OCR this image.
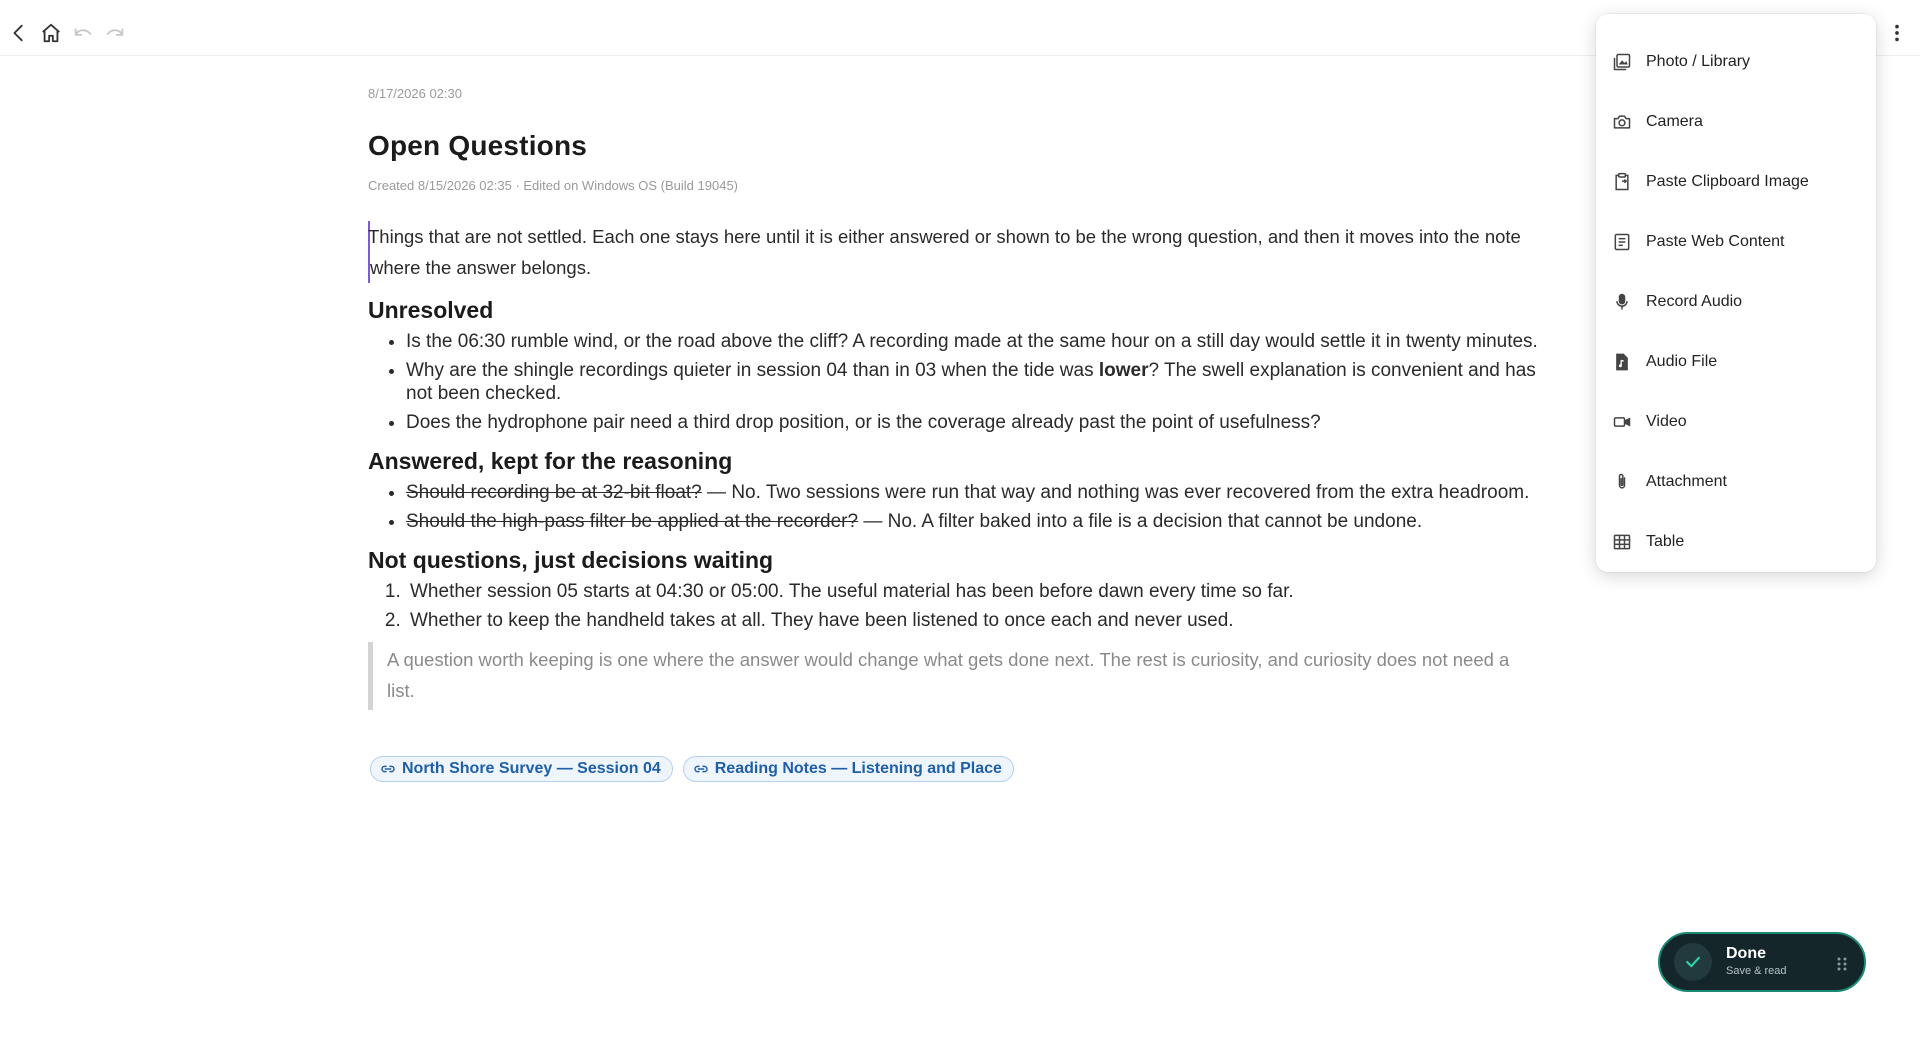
8/17/2026 02:30
Open Questions
Created 8/15/2026 02:35 · Edited on Windows OS (Build 19045)

Things that are not settled. Each one stays here until it is either answered or shown to be the wrong question, and then it moves into the note where the answer belongs.

Unresolved
• Is the 06:30 rumble wind, or the road above the cliff? A recording made at the same hour on a still day would settle it in twenty minutes.
• Why are the shingle recordings quieter in session 04 than in 03 when the tide was lower? The swell explanation is convenient and has not been checked.
• Does the hydrophone pair need a third drop position, or is the coverage already past the point of usefulness?
Answered, kept for the reasoning
• Should recording be at 32-bit float? — No. Two sessions were run that way and nothing was ever recovered from the extra headroom.
• Should the high-pass filter be applied at the recorder? — No. A filter baked into a file is a decision that cannot be undone.
Not questions, just decisions waiting
1. Whether session 05 starts at 04:30 or 05:00. The useful material has been before dawn every time so far.
2. Whether to keep the handheld takes at all. They have been listened to once each and never used.
A question worth keeping is one where the answer would change what gets done next. The rest is curiosity, and curiosity does not need a list.
North Shore Survey — Session 04	Reading Notes — Listening and Place
Photo / Library
Camera
Paste Clipboard Image
Paste Web Content
Record Audio
Audio File
Video
Attachment
Table
Done
Save & read
